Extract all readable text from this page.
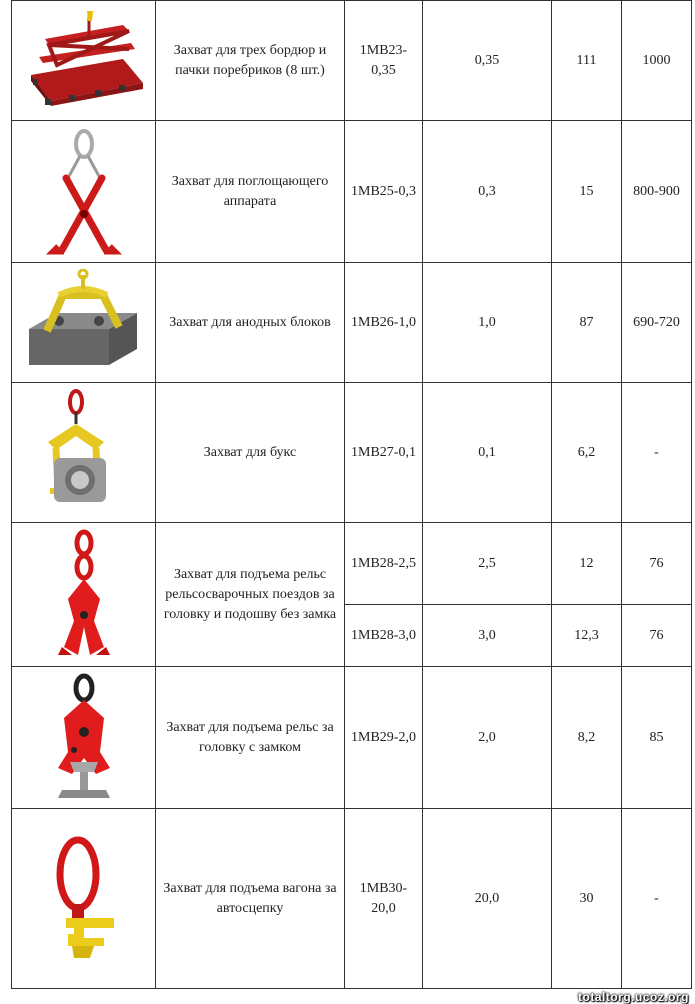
	Захват для трех бордюр и пачки поребриков (8 шт.)	1МВ23-0,35	0,35	111	1000

	Захват для поглощающего аппарата	1МВ25-0,3	0,3	15	800-900

	Захват для анодных блоков	1МВ26-1,0	1,0	87	690-720

	Захват для букс	1МВ27-0,1	0,1	6,2	-

	Захват для подъема рельс рельсосварочных поездов за головку и подошву без замка	1МВ28-2,5	2,5	12	76
		1МВ28-3,0	3,0	12,3	76

	Захват для подъема рельс за головку с замком	1МВ29-2,0	2,0	8,2	85

	Захват для подъема вагона за автосцепку	1МВ30-20,0	20,0	30	-
totaltorg.ucoz.org
